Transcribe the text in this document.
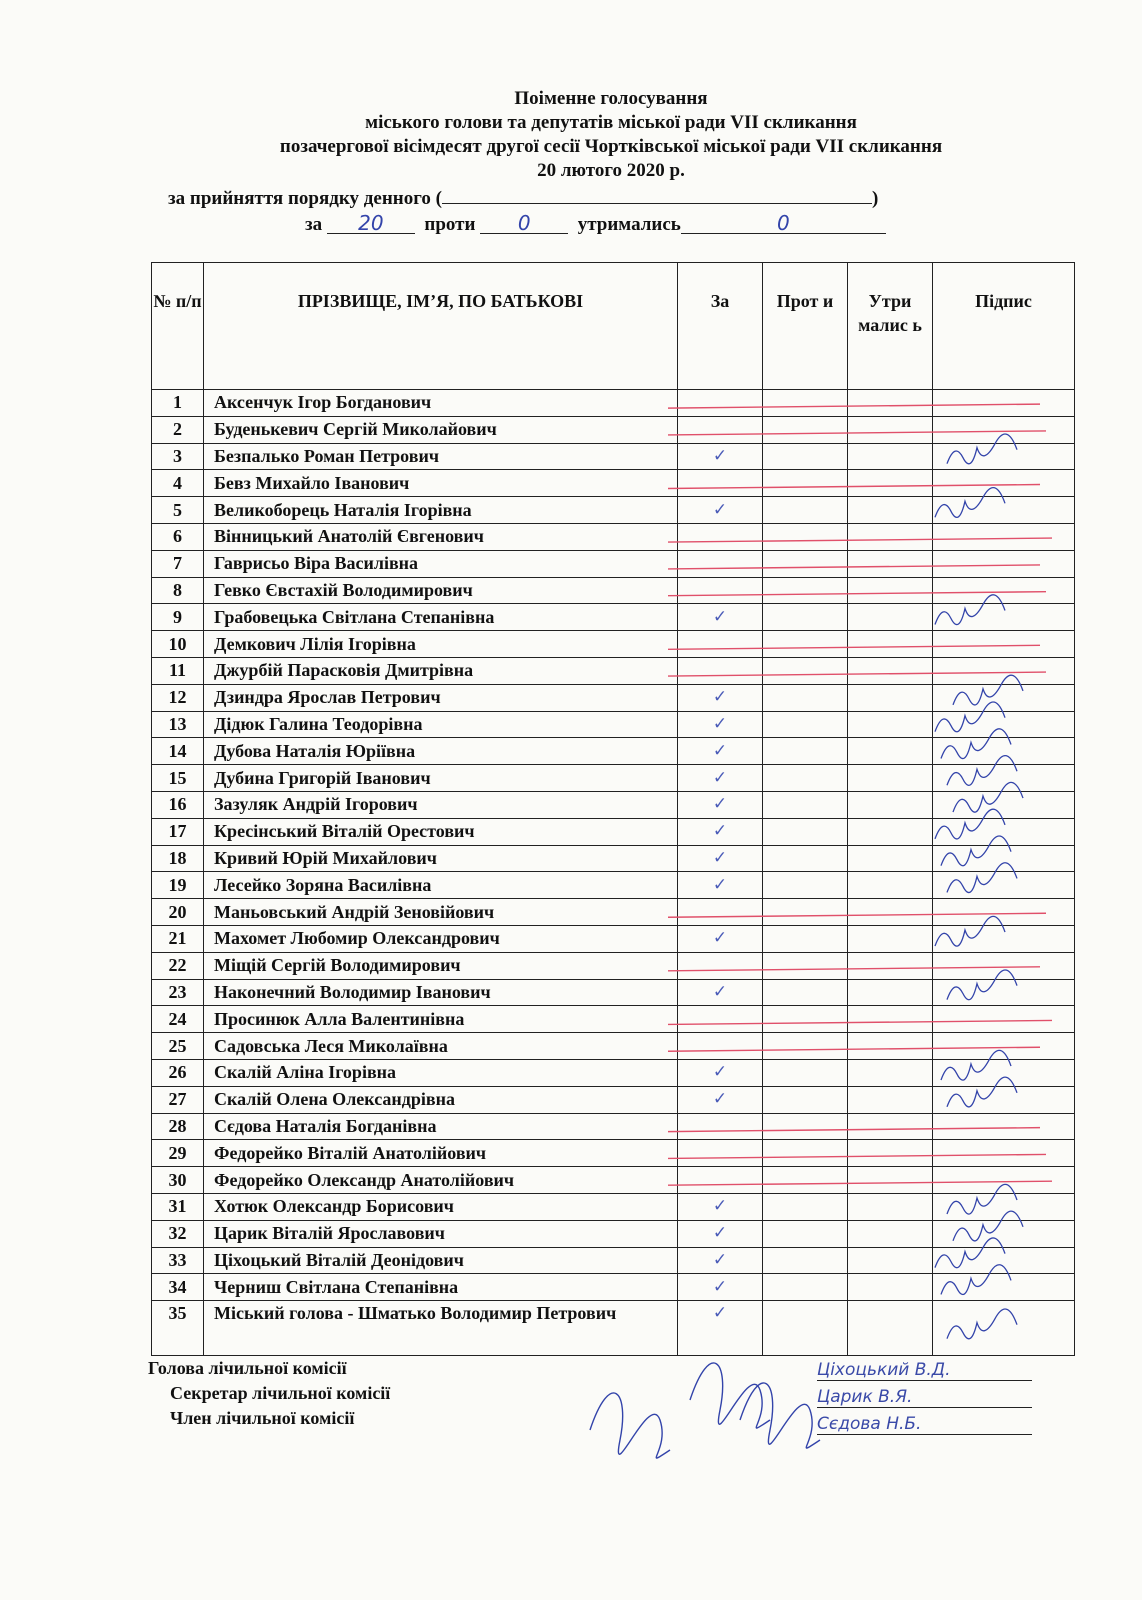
Поіменне голосування
міського голови та депутатів міської ради VII скликання
позачергової вісімдесят другої сесії Чортківської міської ради VII скликання
20 лютого 2020 р.
за прийняття порядку денного (	)
за 20 проти 0 утримались	0
№ п/п	ПРІЗВИЩЕ, ІМ’Я, ПО БАТЬКОВІ	За	Прот и	Утри малис ь	Підпис
1	Аксенчук Ігор Богданович				
2	Буденькевич Сергій Миколайович				
3	Безпалько Роман Петрович	✓			

4	Бевз Михайло Іванович				
5	Великоборець Наталія Ігорівна	✓			

6	Вінницький Анатолій Євгенович				
7	Гаврисьо Віра Василівна				
8	Гевко Євстахій Володимирович				
9	Грабовецька Світлана Степанівна	✓			

10	Демкович Лілія Ігорівна				
11	Джурбій Парасковія Дмитрівна				
12	Дзиндра Ярослав Петрович	✓			

13	Дідюк Галина Теодорівна	✓			

14	Дубова Наталія Юріївна	✓			

15	Дубина Григорій Іванович	✓			

16	Зазуляк Андрій Ігорович	✓			

17	Кресінський Віталій Орестович	✓			

18	Кривий Юрій Михайлович	✓			

19	Лесейко Зоряна Василівна	✓			

20	Маньовський Андрій Зеновійович				
21	Махомет Любомир Олександрович	✓			

22	Міщій Сергій Володимирович				
23	Наконечний Володимир Іванович	✓			

24	Просинюк Алла Валентинівна				
25	Садовська Леся Миколаївна				
26	Скалій Аліна Ігорівна	✓			

27	Скалій Олена Олександрівна	✓			

28	Сєдова Наталія Богданівна				
29	Федорейко Віталій Анатолійович				
30	Федорейко Олександр Анатолійович				
31	Хотюк Олександр Борисович	✓			

32	Царик Віталій Ярославович	✓			

33	Ціхоцький Віталій Деонідович	✓			

34	Черниш Світлана Степанівна	✓			

35	Міський голова - Шматько Володимир Петрович	✓			

Голова лічильної комісії
Секретар лічильної комісії
Член лічильної комісії
Ціхоцький В.Д.
Царик В.Я.
Сєдова Н.Б.
